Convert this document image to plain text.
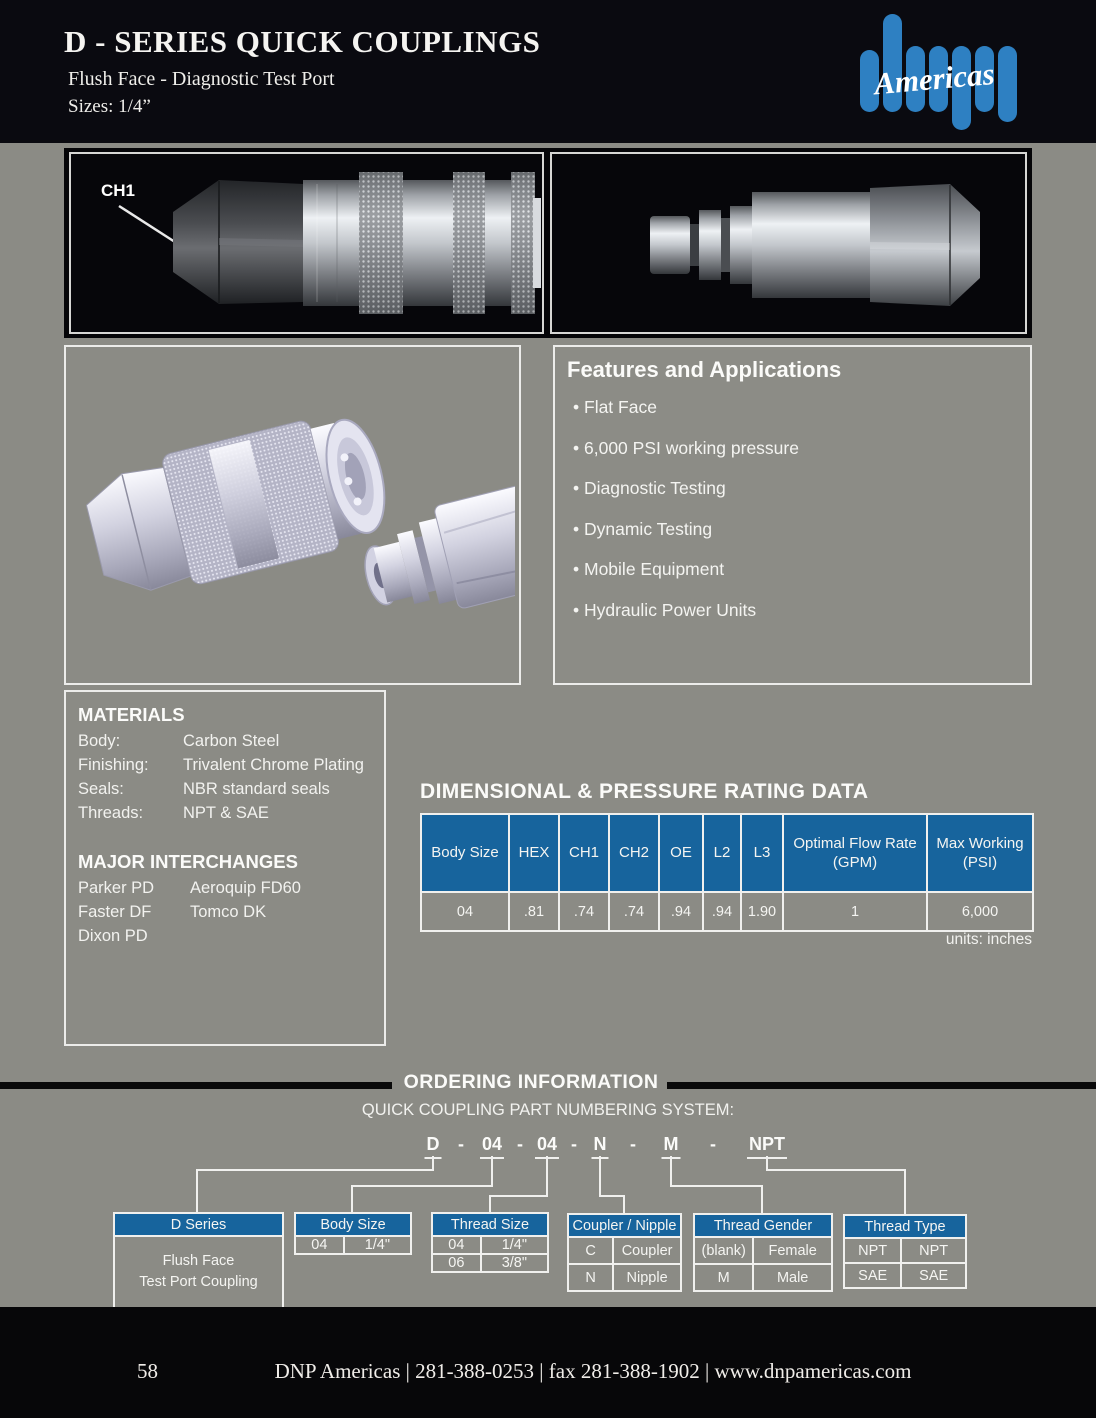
D - SERIES QUICK COUPLINGS
Flush Face - Diagnostic Test Port
Sizes: 1/4”
Americas
CH1
Features and Applications
• Flat Face
• 6,000 PSI working pressure
• Diagnostic Testing
• Dynamic Testing
• Mobile Equipment
• Hydraulic Power Units
MATERIALS
Body:	Carbon Steel
Finishing:	Trivalent Chrome Plating
Seals:	NBR standard seals
Threads:	NPT & SAE
MAJOR INTERCHANGES
Parker PD	Aeroquip FD60
Faster DF	Tomco DK
Dixon PD
DIMENSIONAL & PRESSURE RATING DATA
Body Size	HEX	CH1	CH2	OE	L2	L3	Optimal Flow Rate (GPM)	Max Working (PSI)
04	.81	.74	.74	.94	.94	1.90	1	6,000
units: inches
ORDERING INFORMATION
QUICK COUPLING PART NUMBERING SYSTEM:
D - 04 - 04 - N - M - NPT
D Series

Flush Face
Test Port Coupling
Body Size
04	1/4"
Thread Size	
04	1/4"
06	3/8"
Coupler / Nipple	
C	Coupler
N	Nipple
Thread Gender	
(blank)	Female
M	Male
Thread Type	
NPT	NPT
SAE	SAE
58	DNP Americas | 281-388-0253 | fax 281-388-1902 | www.dnpamericas.com
